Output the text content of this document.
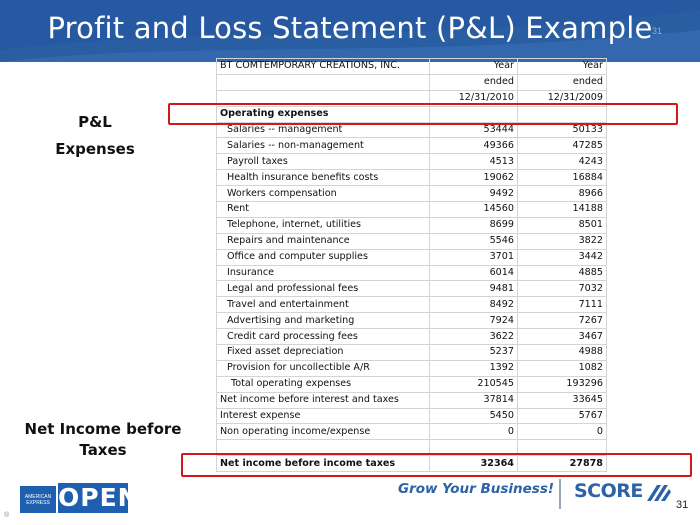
Profit and Loss Statement (P&L) Example 31
P&L
Expenses
Net Income before
Taxes
BT COMTEMPORARY CREATIONS, INC.	Year	Year
	ended	ended
	12/31/2010	12/31/2009
Operating expenses		
Salaries -- management	53444	50133
Salaries -- non-management	49366	47285
Payroll taxes	4513	4243
Health insurance benefits costs	19062	16884
Workers compensation	9492	8966
Rent	14560	14188
Telephone, internet, utilities	8699	8501
Repairs and maintenance	5546	3822
Office and computer supplies	3701	3442
Insurance	6014	4885
Legal and professional fees	9481	7032
Travel and entertainment	8492	7111
Advertising and marketing	7924	7267
Credit card processing fees	3622	3467
Fixed asset depreciation	5237	4988
Provision for uncollectible A/R	1392	1082
Total operating expenses	210545	193296
Net income before interest and taxes	37814	33645
Interest expense	5450	5767
Non operating income/expense	0	0

Net income before income taxes	32364	27878
AMERICAN EXPRESS OPEN
®
Grow Your Business! SCORE
31
